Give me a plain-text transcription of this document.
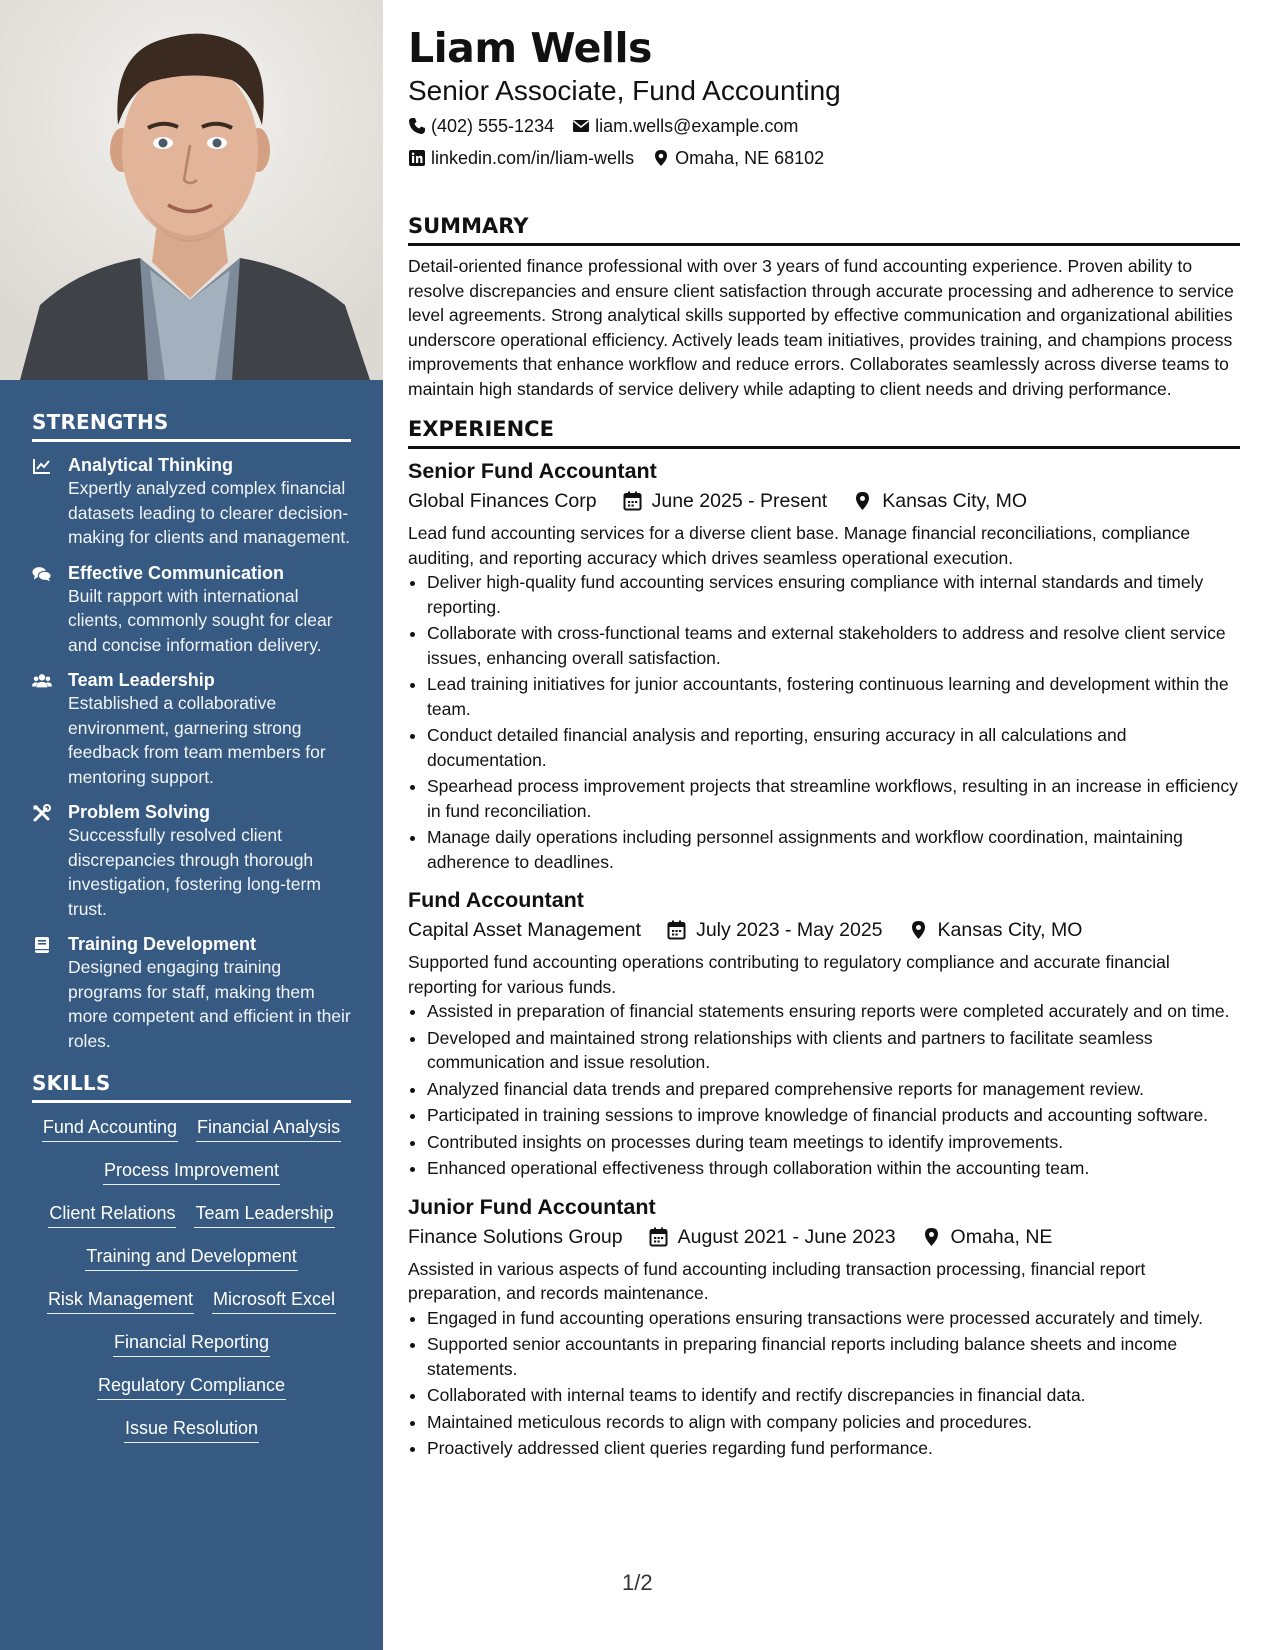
STRENGTHS
Analytical Thinking
Expertly analyzed complex financial datasets leading to clearer decision-making for clients and management.
Effective Communication
Built rapport with international clients, commonly sought for clear and concise information delivery.
Team Leadership
Established a collaborative environment, garnering strong feedback from team members for mentoring support.
Problem Solving
Successfully resolved client discrepancies through thorough investigation, fostering long-term trust.
Training Development
Designed engaging training programs for staff, making them more competent and efficient in their roles.
SKILLS
Fund Accounting Financial Analysis
Process Improvement
Client Relations Team Leadership
Training and Development
Risk Management Microsoft Excel
Financial Reporting
Regulatory Compliance
Issue Resolution
Liam Wells
Senior Associate, Fund Accounting
(402) 555-1234 liam.wells@example.com
linkedin.com/in/liam-wells Omaha, NE 68102
SUMMARY
Detail-oriented finance professional with over 3 years of fund accounting experience. Proven ability to resolve discrepancies and ensure client satisfaction through accurate processing and adherence to service level agreements. Strong analytical skills supported by effective communication and organizational abilities underscore operational efficiency. Actively leads team initiatives, provides training, and champions process improvements that enhance workflow and reduce errors. Collaborates seamlessly across diverse teams to maintain high standards of service delivery while adapting to client needs and driving performance.
EXPERIENCE
Senior Fund Accountant
Global Finances Corp	June 2025 - Present	Kansas City, MO
Lead fund accounting services for a diverse client base. Manage financial reconciliations, compliance auditing, and reporting accuracy which drives seamless operational execution.
• Deliver high-quality fund accounting services ensuring compliance with internal standards and timely reporting.
• Collaborate with cross-functional teams and external stakeholders to address and resolve client service issues, enhancing overall satisfaction.
• Lead training initiatives for junior accountants, fostering continuous learning and development within the team.
• Conduct detailed financial analysis and reporting, ensuring accuracy in all calculations and documentation.
• Spearhead process improvement projects that streamline workflows, resulting in an increase in efficiency in fund reconciliation.
• Manage daily operations including personnel assignments and workflow coordination, maintaining adherence to deadlines.
Fund Accountant
Capital Asset Management	July 2023 - May 2025	Kansas City, MO
Supported fund accounting operations contributing to regulatory compliance and accurate financial reporting for various funds.
• Assisted in preparation of financial statements ensuring reports were completed accurately and on time.
• Developed and maintained strong relationships with clients and partners to facilitate seamless communication and issue resolution.
• Analyzed financial data trends and prepared comprehensive reports for management review.
• Participated in training sessions to improve knowledge of financial products and accounting software.
• Contributed insights on processes during team meetings to identify improvements.
• Enhanced operational effectiveness through collaboration within the accounting team.
Junior Fund Accountant
Finance Solutions Group	August 2021 - June 2023	Omaha, NE
Assisted in various aspects of fund accounting including transaction processing, financial report preparation, and records maintenance.
• Engaged in fund accounting operations ensuring transactions were processed accurately and timely.
• Supported senior accountants in preparing financial reports including balance sheets and income statements.
• Collaborated with internal teams to identify and rectify discrepancies in financial data.
• Maintained meticulous records to align with company policies and procedures.
• Proactively addressed client queries regarding fund performance.
1/2
